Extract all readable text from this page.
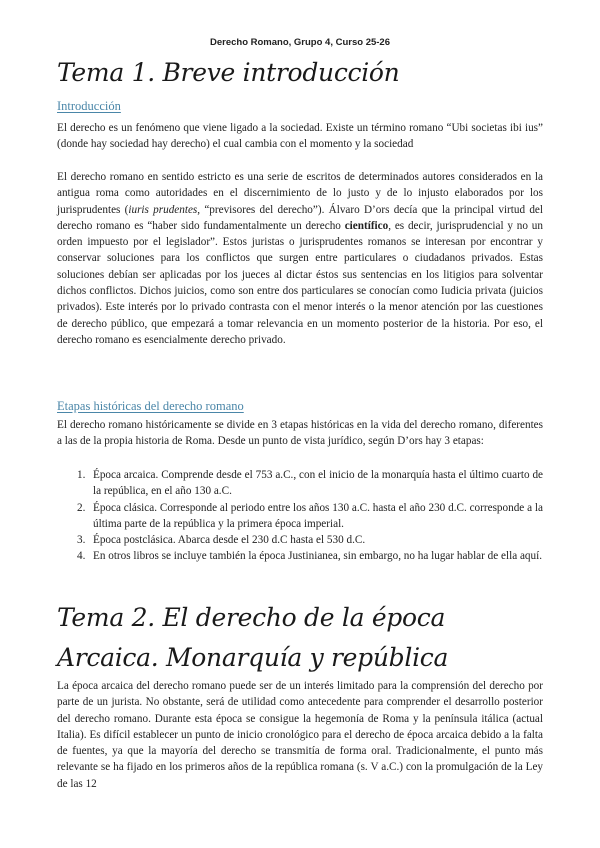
Derecho Romano, Grupo 4, Curso 25-26
Tema 1. Breve introducción
Introducción

El derecho es un fenómeno que viene ligado a la sociedad. Existe un término romano “Ubi societas ibi ius” (donde hay sociedad hay derecho) el cual cambia con el momento y la sociedad

El derecho romano en sentido estricto es una serie de escritos de determinados autores considerados en la antigua roma como autoridades en el discernimiento de lo justo y de lo injusto elaborados por los jurisprudentes (iuris prudentes, “previsores del derecho”). Álvaro D’ors decía que la principal virtud del derecho romano es “haber sido fundamentalmente un derecho científico, es decir, jurisprudencial y no un orden impuesto por el legislador”. Estos juristas o jurisprudentes romanos se interesan por encontrar y conservar soluciones para los conflictos que surgen entre particulares o ciudadanos privados. Estas soluciones debían ser aplicadas por los jueces al dictar éstos sus sentencias en los litigios para solventar dichos conflictos. Dichos juicios, como son entre dos particulares se conocían como Iudicia privata (juicios privados). Este interés por lo privado contrasta con el menor interés o la menor atención por las cuestiones de derecho público, que empezará a tomar relevancia en un momento posterior de la historia. Por eso, el derecho romano es esencialmente derecho privado.

Etapas históricas del derecho romano

El derecho romano históricamente se divide en 3 etapas históricas en la vida del derecho romano, diferentes a las de la propia historia de Roma. Desde un punto de vista jurídico, según D’ors hay 3 etapas:

1. Época arcaica. Comprende desde el 753 a.C., con el inicio de la monarquía hasta el último cuarto de la república, en el año 130 a.C.
2. Época clásica. Corresponde al periodo entre los años 130 a.C. hasta el año 230 d.C. corresponde a la última parte de la república y la primera época imperial.
3. Época postclásica. Abarca desde el 230 d.C hasta el 530 d.C.
4. En otros libros se incluye también la época Justinianea, sin embargo, no ha lugar hablar de ella aquí.
Tema 2. El derecho de la época Arcaica. Monarquía y república

La época arcaica del derecho romano puede ser de un interés limitado para la comprensión del derecho por parte de un jurista. No obstante, será de utilidad como antecedente para comprender el desarrollo posterior del derecho romano. Durante esta época se consigue la hegemonía de Roma y la península itálica (actual Italia). Es difícil establecer un punto de inicio cronológico para el derecho de época arcaica debido a la falta de fuentes, ya que la mayoría del derecho se transmitía de forma oral. Tradicionalmente, el punto más relevante se ha fijado en los primeros años de la república romana (s. V a.C.) con la promulgación de la Ley de las 12
